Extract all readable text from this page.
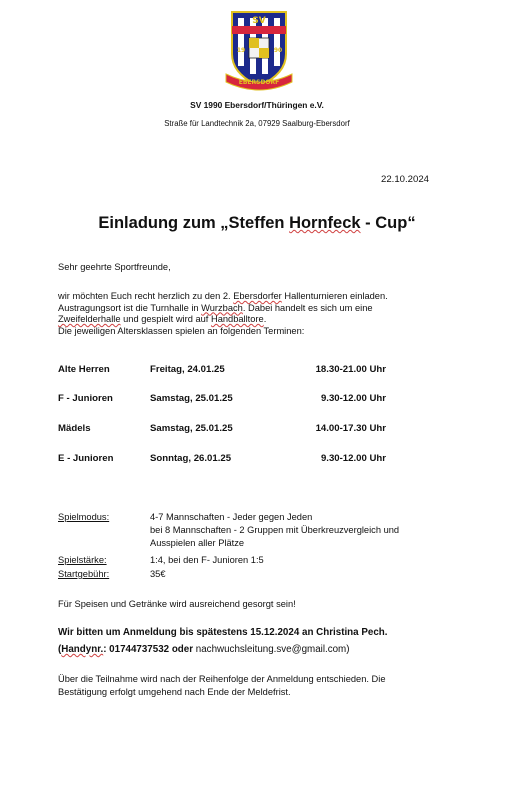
SV
19	90
EBERSDORF
SV 1990 Ebersdorf/Thüringen e.V.
Straße für Landtechnik 2a, 07929 Saalburg-Ebersdorf
22.10.2024
Einladung zum „Steffen Hornfeck - Cup“
Sehr geehrte Sportfreunde,
wir möchten Euch recht herzlich zu den 2. Ebersdorfer Hallenturnieren einladen.
Austragungsort ist die Turnhalle in Wurzbach. Dabei handelt es sich um eine
Zweifelderhalle und gespielt wird auf Handballtore.
Die jeweiligen Altersklassen spielen an folgenden Terminen:
Alte Herren	Freitag, 24.01.25	18.30-21.00 Uhr
F - Junioren	Samstag, 25.01.25	9.30-12.00 Uhr
Mädels	Samstag, 25.01.25	14.00-17.30 Uhr
E - Junioren	Sonntag, 26.01.25	9.30-12.00 Uhr
Spielmodus:	4-7 Mannschaften - Jeder gegen Jeden
bei 8 Mannschaften - 2 Gruppen mit Überkreuzvergleich und
Ausspielen aller Plätze
Spielstärke:	1:4, bei den F- Junioren 1:5
Startgebühr:	35€
Für Speisen und Getränke wird ausreichend gesorgt sein!
Wir bitten um Anmeldung bis spätestens 15.12.2024 an Christina Pech.
(Handynr.: 01744737532 oder nachwuchsleitung.sve@gmail.com)
Über die Teilnahme wird nach der Reihenfolge der Anmeldung entschieden. Die
Bestätigung erfolgt umgehend nach Ende der Meldefrist.
